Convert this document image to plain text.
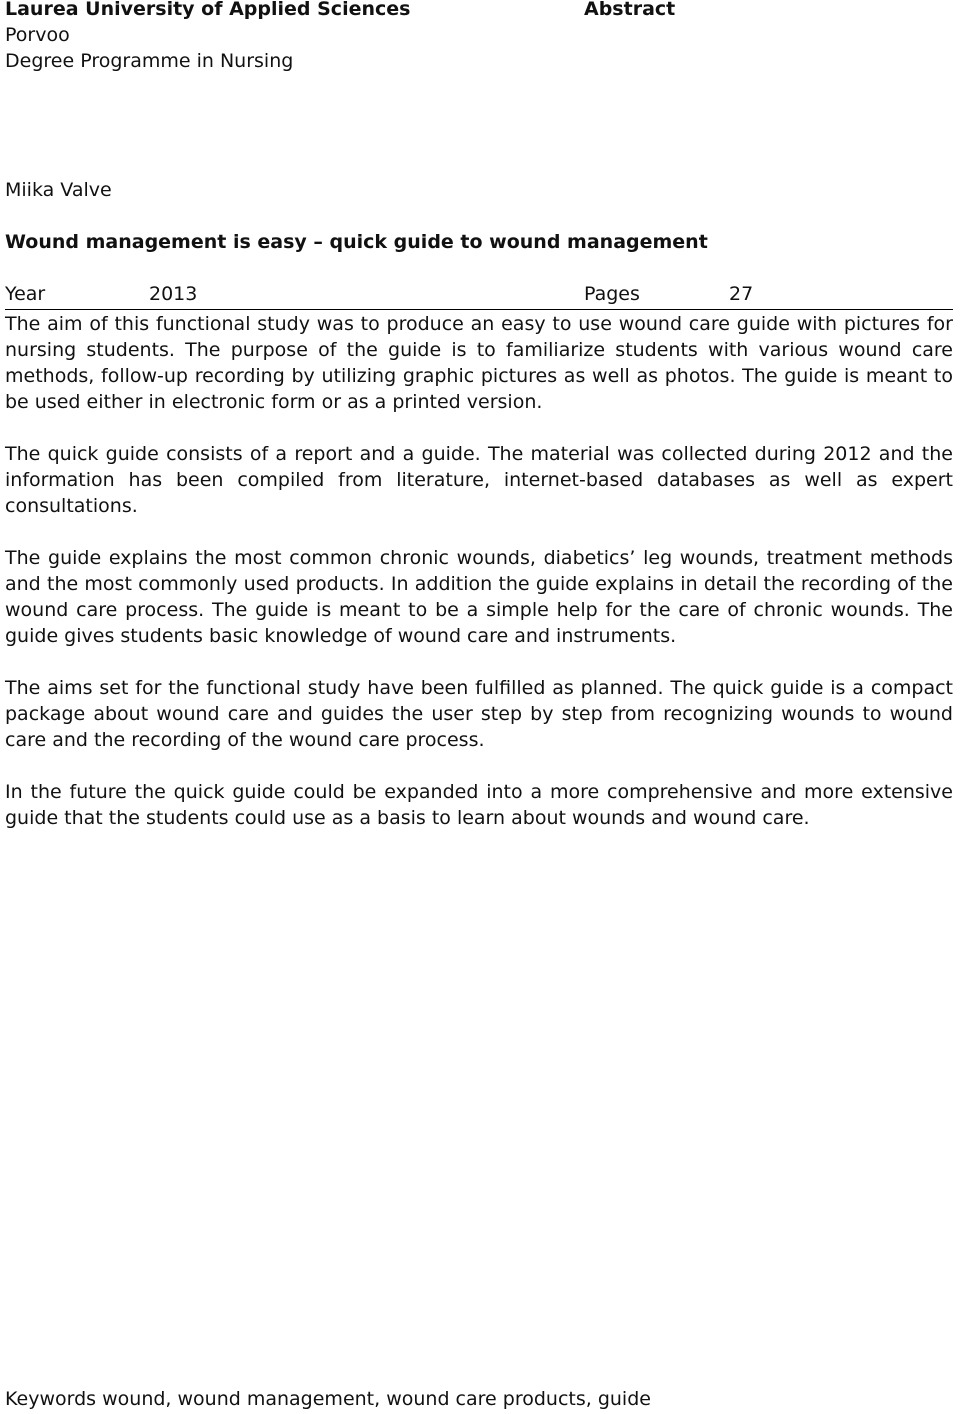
Laurea University of Applied Sciences
Porvoo
Degree Programme in Nursing
Abstract
Miika Valve
Wound management is easy – quick guide to wound management
Year	2013	Pages	27

The aim of this functional study was to produce an easy to use wound care guide with pictures for nursing students. The purpose of the guide is to familiarize students with various wound care methods, follow-up recording by utilizing graphic pictures as well as photos. The guide is meant to be used either in electronic form or as a printed version.

The quick guide consists of a report and a guide. The material was collected during 2012 and the information has been compiled from literature, internet-based databases as well as expert consultations.

The guide explains the most common chronic wounds, diabetics’ leg wounds, treatment methods and the most commonly used products. In addition the guide explains in detail the recording of the wound care process. The guide is meant to be a simple help for the care of chronic wounds. The guide gives students basic knowledge of wound care and instruments.

The aims set for the functional study have been fulfilled as planned. The quick guide is a compact package about wound care and guides the user step by step from recognizing wounds to wound care and the recording of the wound care process.

In the future the quick guide could be expanded into a more comprehensive and more extensive guide that the students could use as a basis to learn about wounds and wound care.

Keywords wound, wound management, wound care products, guide
